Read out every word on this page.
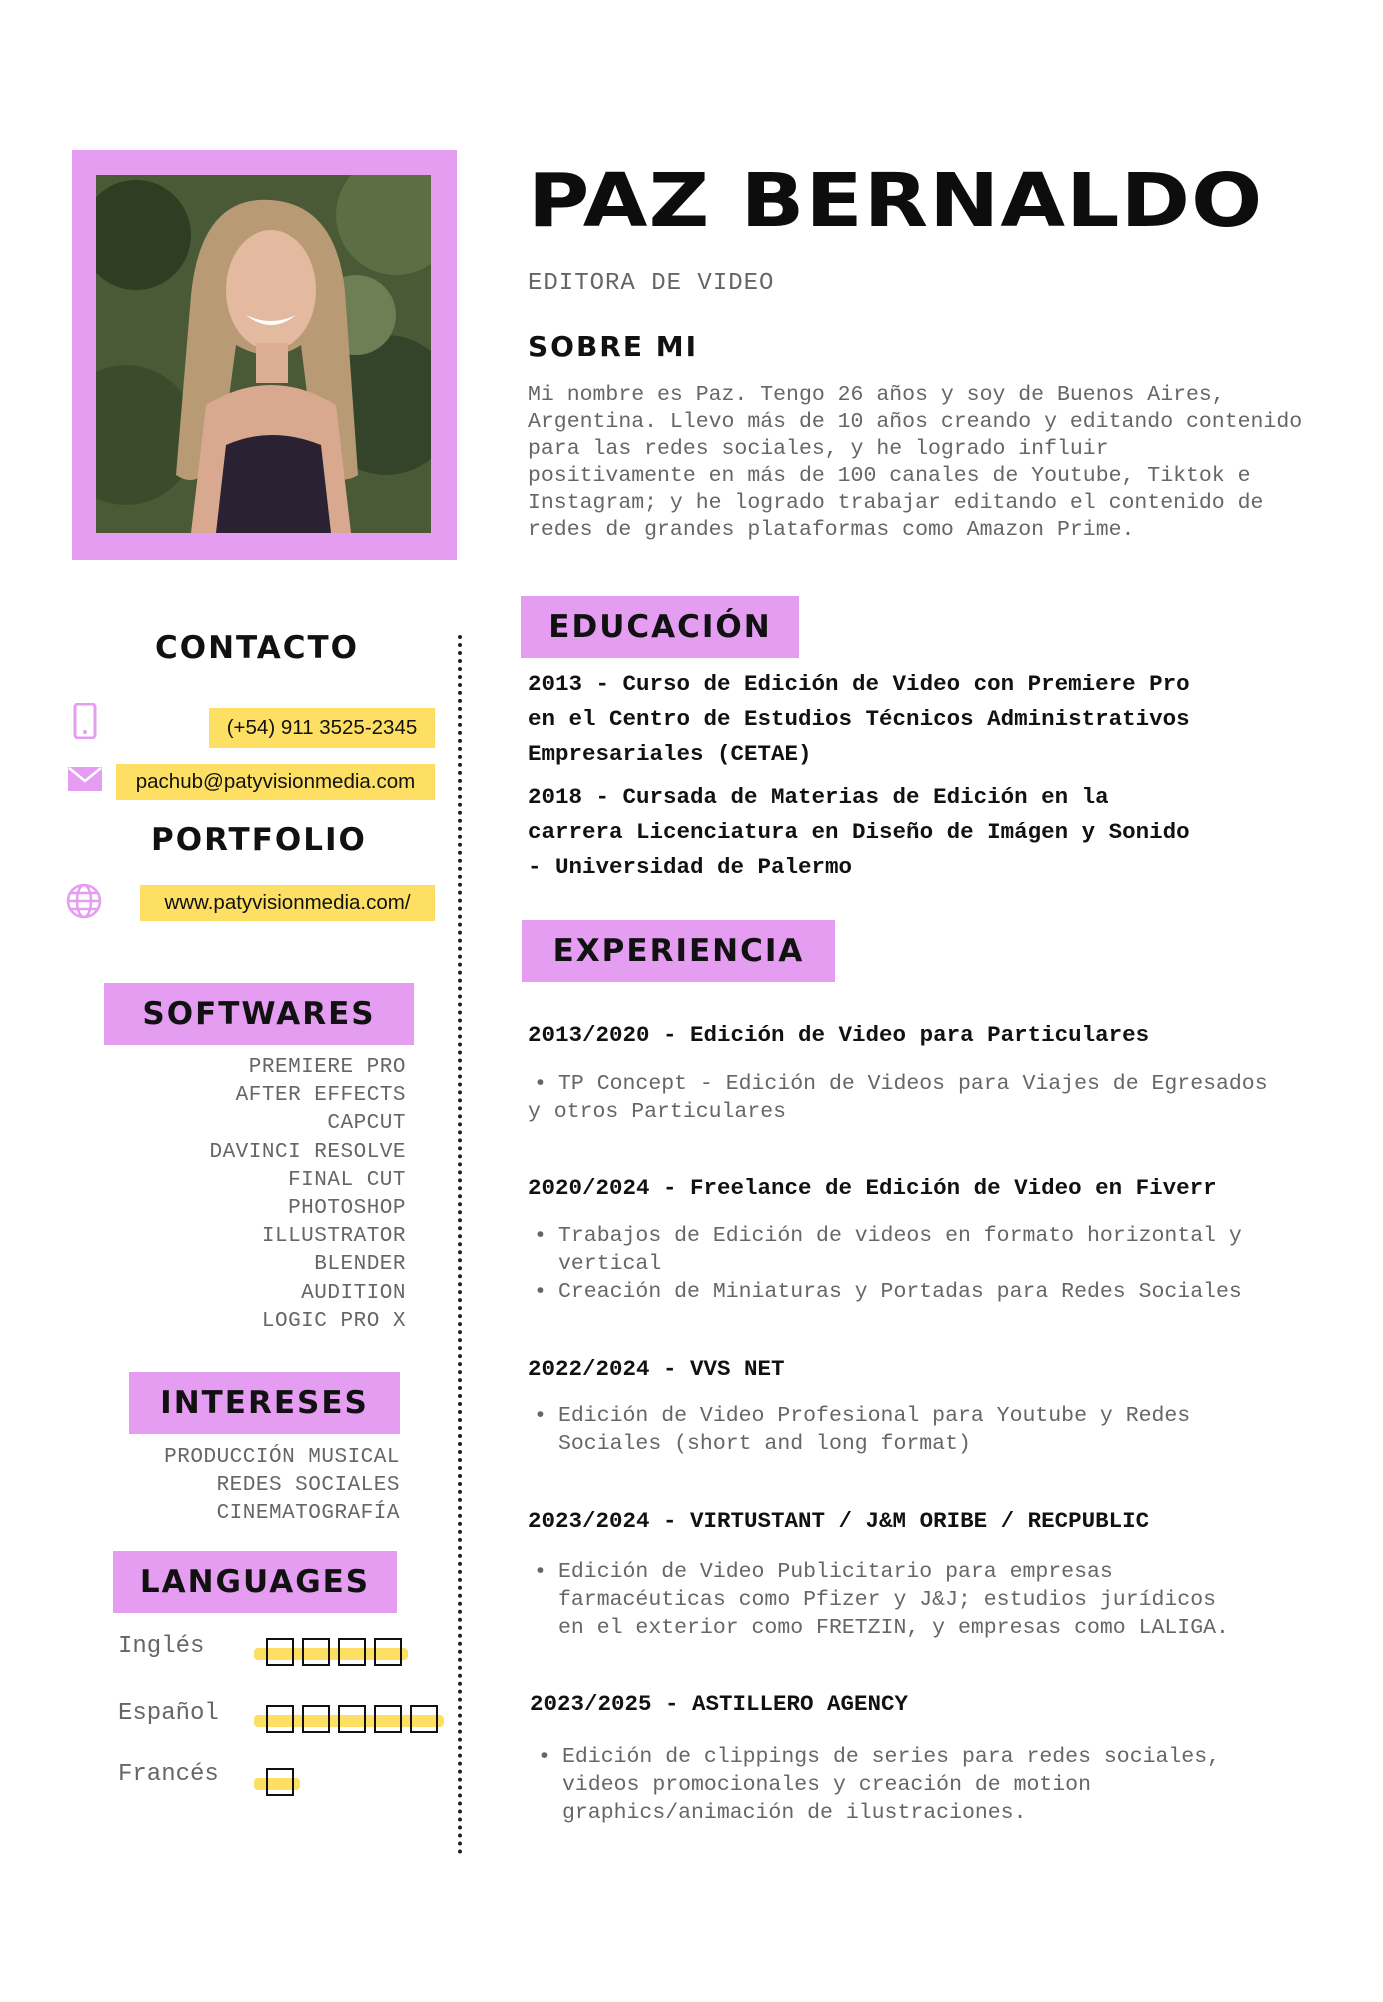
PAZ BERNALDO
EDITORA DE VIDEO
SOBRE MI
Mi nombre es Paz. Tengo 26 años y soy de Buenos Aires,
Argentina. Llevo más de 10 años creando y editando contenido
para las redes sociales, y he logrado influir
positivamente en más de 100 canales de Youtube, Tiktok e
Instagram; y he logrado trabajar editando el contenido de
redes de grandes plataformas como Amazon Prime.
EDUCACIÓN
2013 - Curso de Edición de Video con Premiere Pro
en el Centro de Estudios Técnicos Administrativos
Empresariales (CETAE)
2018 - Cursada de Materias de Edición en la
carrera Licenciatura en Diseño de Imágen y Sonido
- Universidad de Palermo
EXPERIENCIA
2013/2020 - Edición de Video para Particulares
• TP Concept - Edición de Videos para Viajes de Egresados
y otros Particulares
2020/2024 - Freelance de Edición de Video en Fiverr
• Trabajos de Edición de videos en formato horizontal y
vertical
• Creación de Miniaturas y Portadas para Redes Sociales
2022/2024 - VVS NET
• Edición de Video Profesional para Youtube y Redes
Sociales (short and long format)
2023/2024 - VIRTUSTANT / J&M ORIBE / RECPUBLIC
• Edición de Video Publicitario para empresas
farmacéuticas como Pfizer y J&J; estudios jurídicos
en el exterior como FRETZIN, y empresas como LALIGA.
2023/2025 - ASTILLERO AGENCY
• Edición de clippings de series para redes sociales,
videos promocionales y creación de motion
graphics/animación de ilustraciones.
CONTACTO
(+54) 911 3525-2345
pachub@patyvisionmedia.com
PORTFOLIO
www.patyvisionmedia.com/
SOFTWARES
PREMIERE PRO
AFTER EFFECTS
CAPCUT
DAVINCI RESOLVE
FINAL CUT
PHOTOSHOP
ILLUSTRATOR
BLENDER
AUDITION
LOGIC PRO X
INTERESES
PRODUCCIÓN MUSICAL
REDES SOCIALES
CINEMATOGRAFÍA
LANGUAGES
Inglés
Español
Francés
